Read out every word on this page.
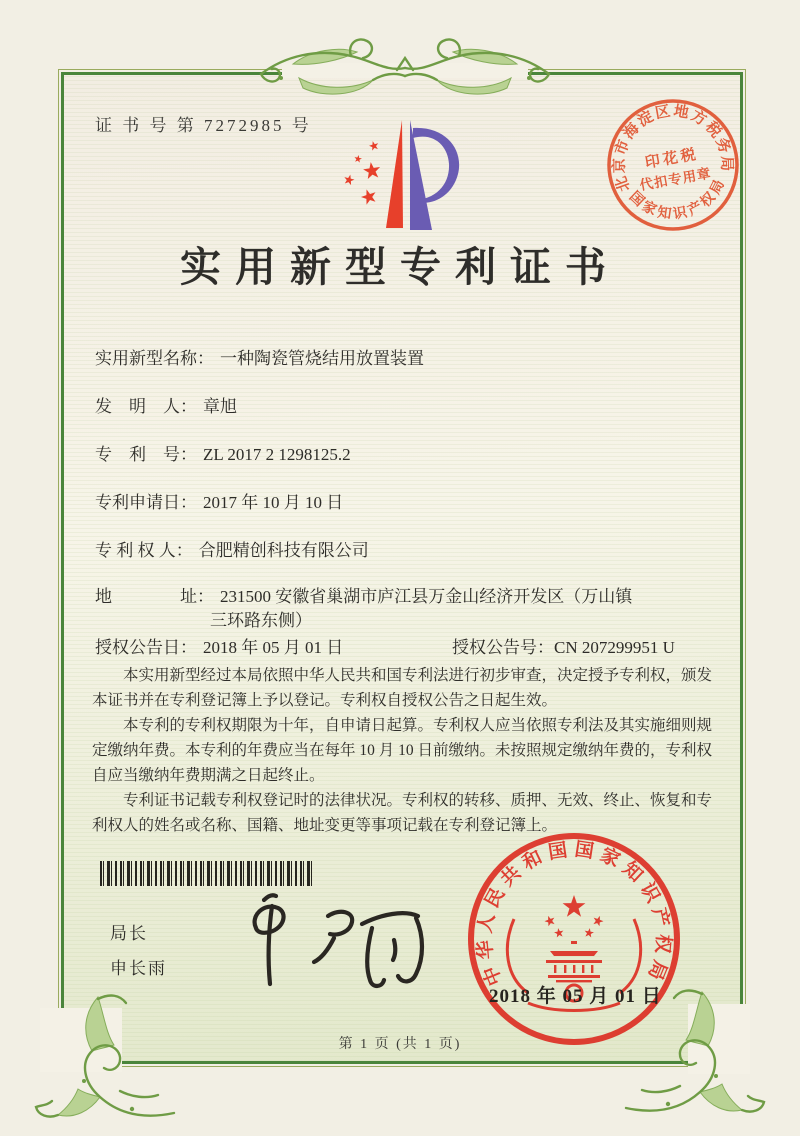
证 书 号 第 7272985 号
实用新型专利证书
实用新型名称： 一种陶瓷管烧结用放置装置
发　明　人： 章旭
专　利　号： ZL 2017 2 1298125.2
专利申请日： 2017 年 10 月 10 日
专 利 权 人： 合肥精创科技有限公司
地　　　　址： 231500 安徽省巢湖市庐江县万金山经济开发区（万山镇
三环路东侧）
授权公告日： 2018 年 05 月 01 日	授权公告号：CN 207299951 U

本实用新型经过本局依照中华人民共和国专利法进行初步审查，决定授予专利权，颁发本证书并在专利登记簿上予以登记。专利权自授权公告之日起生效。

本专利的专利权期限为十年，自申请日起算。专利权人应当依照专利法及其实施细则规定缴纳年费。本专利的年费应当在每年 10 月 10 日前缴纳。未按照规定缴纳年费的，专利权自应当缴纳年费期满之日起终止。

专利证书记载专利权登记时的法律状况。专利权的转移、质押、无效、终止、恢复和专利权人的姓名或名称、国籍、地址变更等事项记载在专利登记簿上。

局长
申长雨	中华人民共和国国家知识产权局
2018 年 05 月 01 日
北京市海淀区地方税务局
国家知识产权局
印花税
代扣专用章
第 1 页 (共 1 页)
